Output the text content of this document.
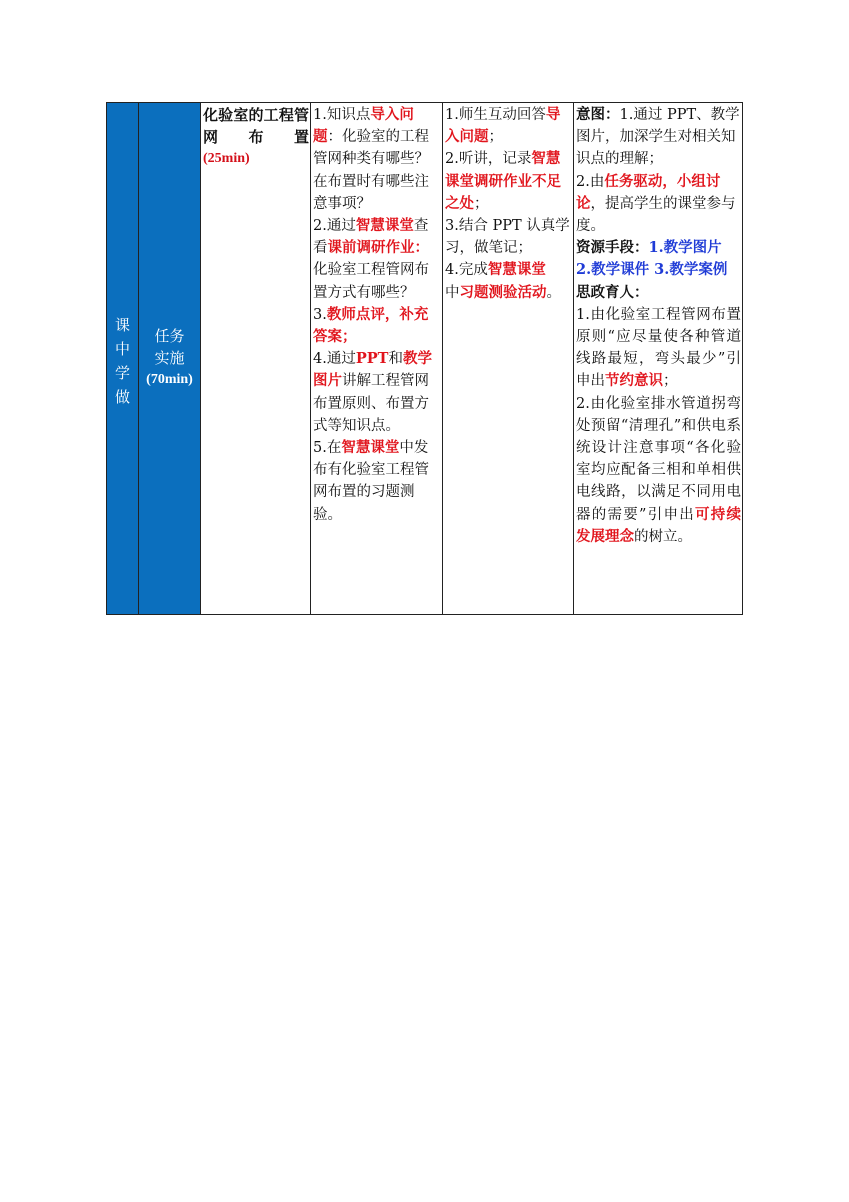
课
中
学
做
任务
实施
(70min)
化验室的工程管网布置
(25min)

1.知识点导入问题：化验室的工程管网种类有哪些？在布置时有哪些注意事项？

2.通过智慧课堂查看课前调研作业：化验室工程管网布置方式有哪些？

3.教师点评，补充答案；

4.通过PPT和教学图片讲解工程管网布置原则、布置方式等知识点。

5.在智慧课堂中发布有化验室工程管网布置的习题测验。

1.师生互动回答导入问题；

2.听讲，记录智慧课堂调研作业不足之处；

3.结合 PPT 认真学习，做笔记；

4.完成智慧课堂
中习题测验活动。

意图：1.通过 PPT、教学图片，加深学生对相关知识点的理解；

2.由任务驱动，小组讨论，提高学生的课堂参与度。

资源手段：1.教学图片 2.教学课件 3.教学案例

思政育人：

1.由化验室工程管网布置原则“应尽量使各种管道线路最短，弯头最少”引申出节约意识；

2.由化验室排水管道拐弯处预留“清理孔”和供电系统设计注意事项“各化验室均应配备三相和单相供电线路，以满足不同用电器的需要”引申出可持续发展理念的树立。
